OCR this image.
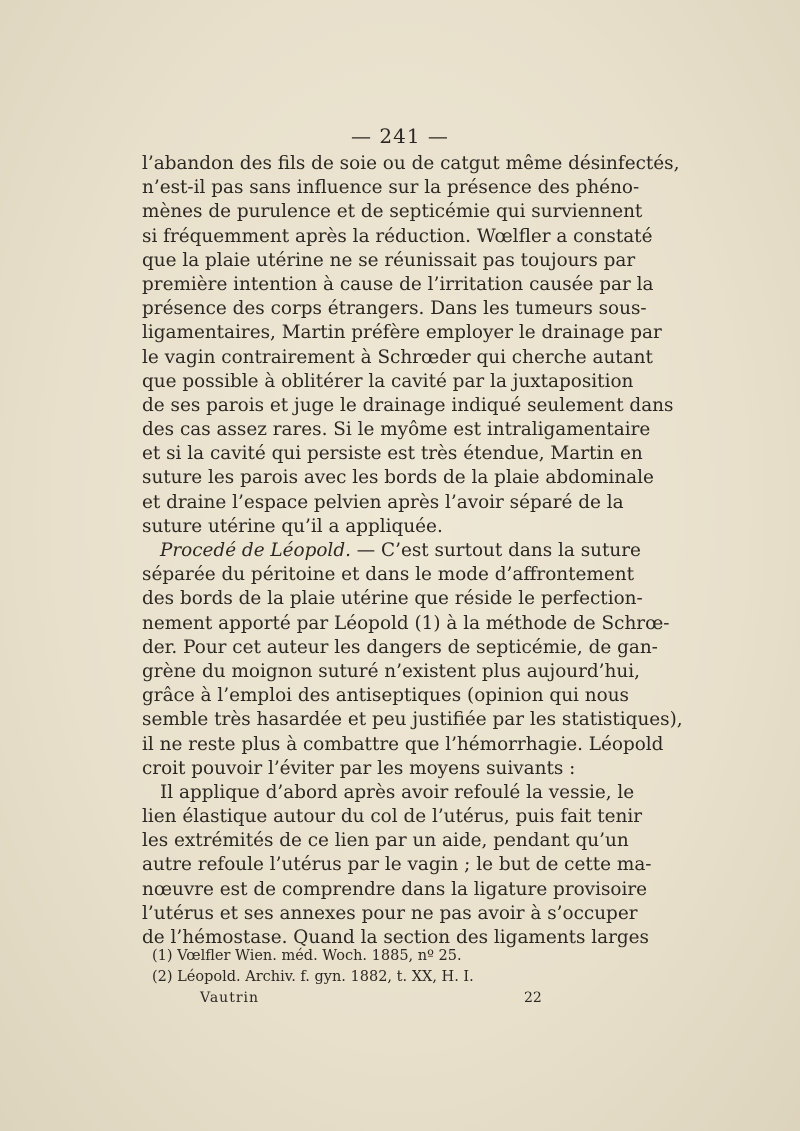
— 241 —
l’abandon des fils de soie ou de catgut même désinfectés,
n’est-il pas sans influence sur la présence des phéno-
mènes de purulence et de septicémie qui surviennent
si fréquemment après la réduction. Wœlfler a constaté
que la plaie utérine ne se réunissait pas toujours par
première intention à cause de l’irritation causée par la
présence des corps étrangers. Dans les tumeurs sous-
ligamentaires, Martin préfère employer le drainage par
le vagin contrairement à Schrœder qui cherche autant
que possible à oblitérer la cavité par la juxtaposition
de ses parois et juge le drainage indiqué seulement dans
des cas assez rares. Si le myôme est intraligamentaire
et si la cavité qui persiste est très étendue, Martin en
suture les parois avec les bords de la plaie abdominale
et draine l’espace pelvien après l’avoir séparé de la
suture utérine qu’il a appliquée.
Procedé de Léopold. — C’est surtout dans la suture
séparée du péritoine et dans le mode d’affrontement
des bords de la plaie utérine que réside le perfection-
nement apporté par Léopold (1) à la méthode de Schrœ-
der. Pour cet auteur les dangers de septicémie, de gan-
grène du moignon suturé n’existent plus aujourd’hui,
grâce à l’emploi des antiseptiques (opinion qui nous
semble très hasardée et peu justifiée par les statistiques),
il ne reste plus à combattre que l’hémorrhagie. Léopold
croit pouvoir l’éviter par les moyens suivants :
Il applique d’abord après avoir refoulé la vessie, le
lien élastique autour du col de l’utérus, puis fait tenir
les extrémités de ce lien par un aide, pendant qu’un
autre refoule l’utérus par le vagin ; le but de cette ma-
nœuvre est de comprendre dans la ligature provisoire
l’utérus et ses annexes pour ne pas avoir à s’occuper
de l’hémostase. Quand la section des ligaments larges
(1) Vœlfler Wien. méd. Woch. 1885, nº 25.
(2) Léopold. Archiv. f. gyn. 1882, t. XX, H. I.
Vautrin	22
